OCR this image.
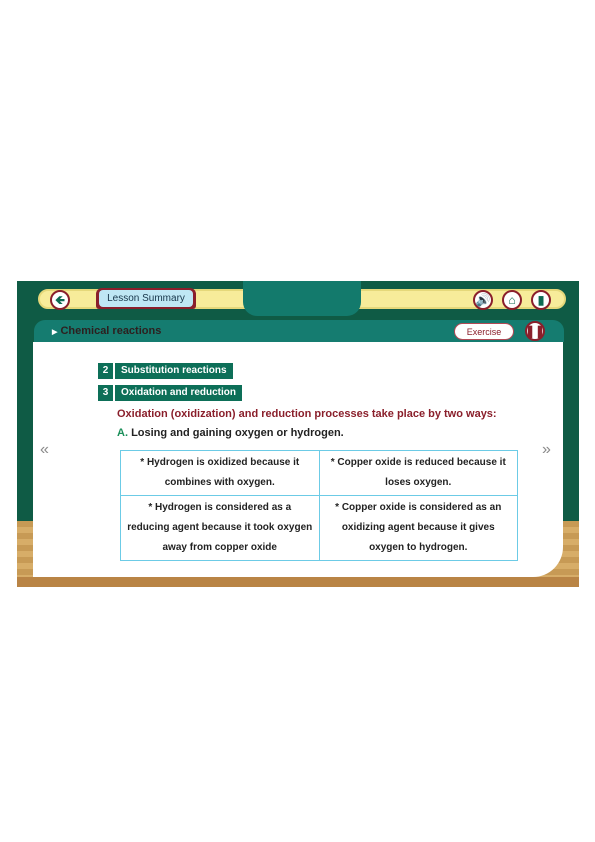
🡸	Lesson Summary	🔊 ⌂ ▮
▶ Chemical reactions	Exercise	❚❚
«	»
2	Substitution reactions
3	Oxidation and reduction
Oxidation (oxidization) and reduction processes take place by two ways:
A. Losing and gaining oxygen or hydrogen.
* Hydrogen is oxidized because it combines with oxygen.	* Copper oxide is reduced because it loses oxygen.
* Hydrogen is considered as a reducing agent because it took oxygen away from copper oxide	* Copper oxide is considered as an oxidizing agent because it gives oxygen to hydrogen.
